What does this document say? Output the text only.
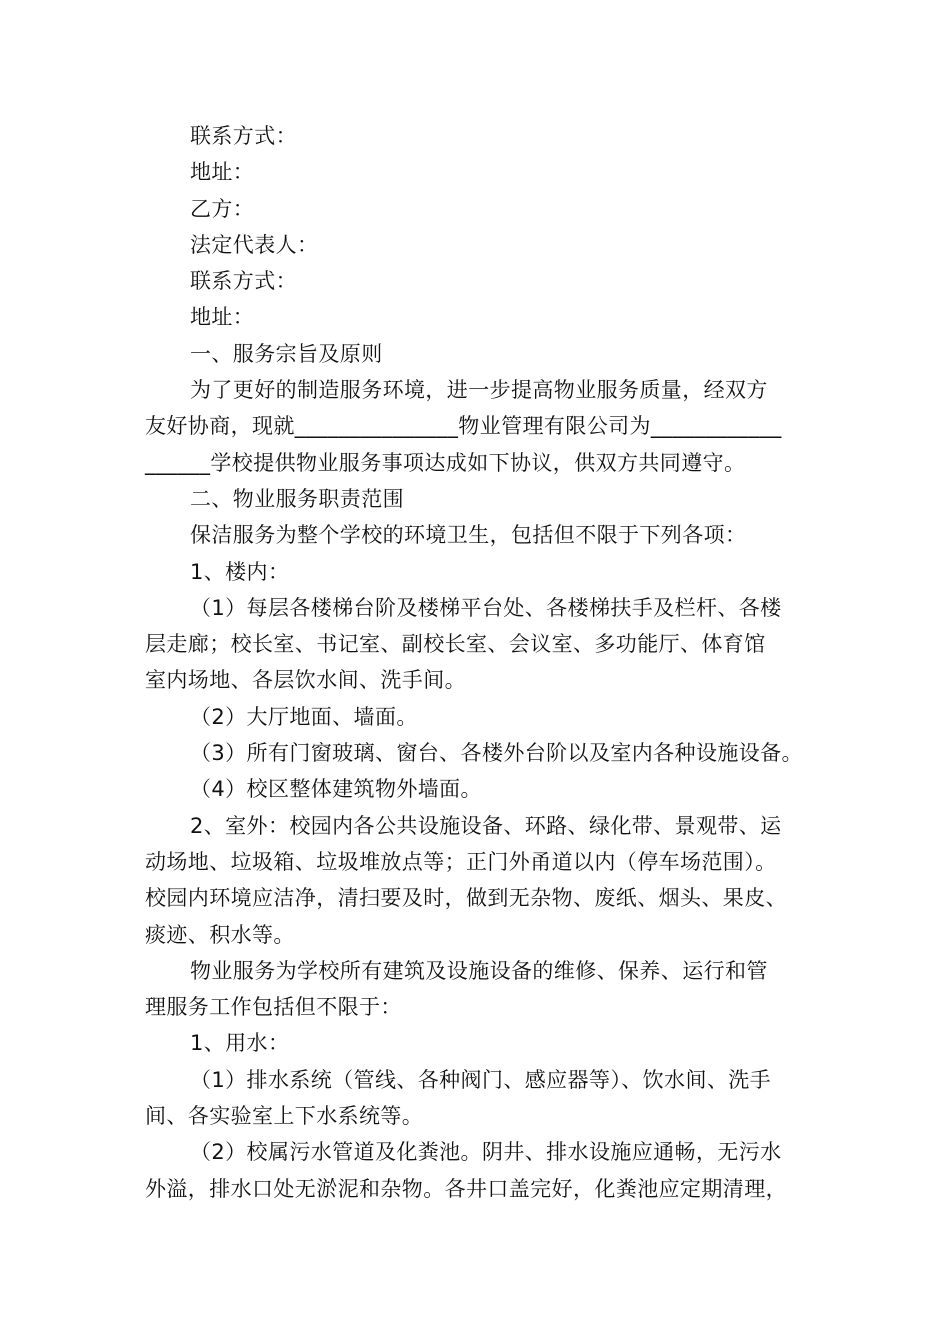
联系方式：
地址：
乙方：
法定代表人：
联系方式：
地址：
一、服务宗旨及原则
为了更好的制造服务环境，进一步提高物业服务质量，经双方
友好协商，现就_______________物业管理有限公司为____________
______学校提供物业服务事项达成如下协议，供双方共同遵守。
二、物业服务职责范围
保洁服务为整个学校的环境卫生，包括但不限于下列各项：
1、楼内：
（1）每层各楼梯台阶及楼梯平台处、各楼梯扶手及栏杆、各楼
层走廊；校长室、书记室、副校长室、会议室、多功能厅、体育馆
室内场地、各层饮水间、洗手间。
（2）大厅地面、墙面。
（3）所有门窗玻璃、窗台、各楼外台阶以及室内各种设施设备。
（4）校区整体建筑物外墙面。
2、室外：校园内各公共设施设备、环路、绿化带、景观带、运
动场地、垃圾箱、垃圾堆放点等；正门外甬道以内（停车场范围）。
校园内环境应洁净，清扫要及时，做到无杂物、废纸、烟头、果皮、
痰迹、积水等。
物业服务为学校所有建筑及设施设备的维修、保养、运行和管
理服务工作包括但不限于：
1、用水：
（1）排水系统（管线、各种阀门、感应器等）、饮水间、洗手
间、各实验室上下水系统等。
（2）校属污水管道及化粪池。阴井、排水设施应通畅，无污水
外溢，排水口处无淤泥和杂物。各井口盖完好，化粪池应定期清理，
